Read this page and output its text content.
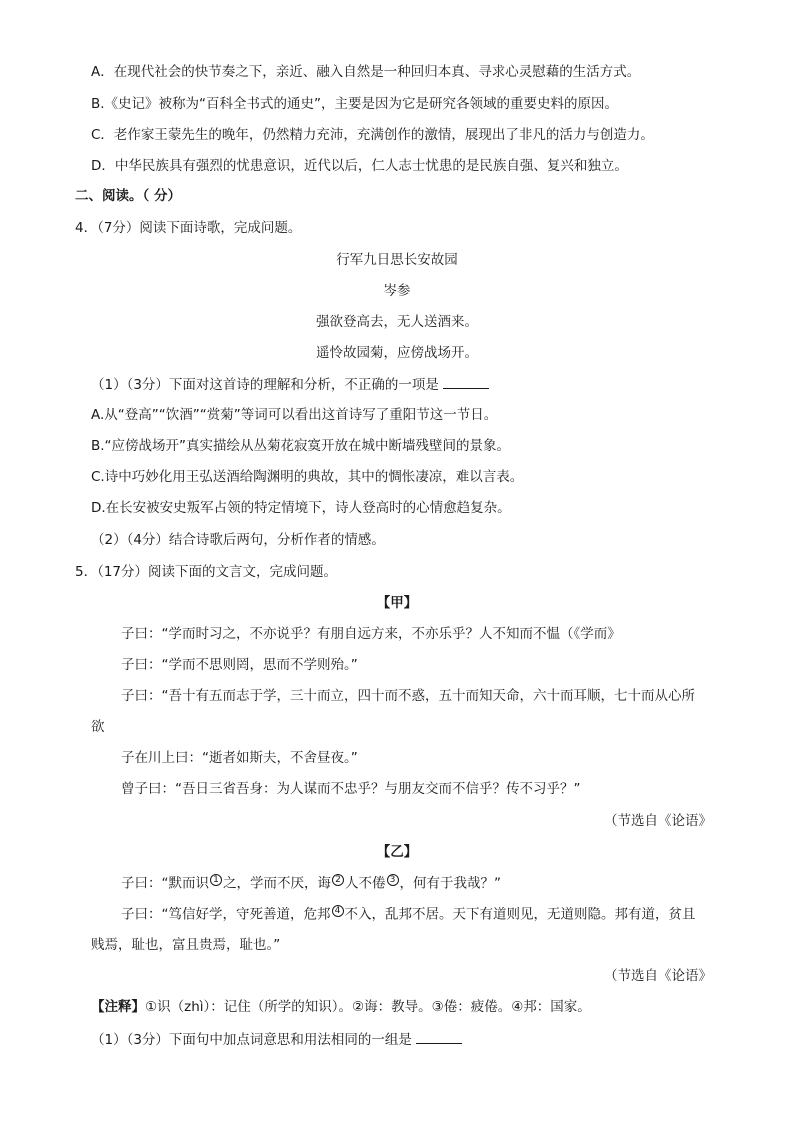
A．在现代社会的快节奏之下，亲近、融入自然是一种回归本真、寻求心灵慰藉的生活方式。
B.《史记》被称为“百科全书式的通史”，主要是因为它是研究各领域的重要史料的原因。
C．老作家王蒙先生的晚年，仍然精力充沛，充满创作的激情，展现出了非凡的活力与创造力。
D．中华民族具有强烈的忧患意识，近代以后，仁人志士忧患的是民族自强、复兴和独立。
二、阅读。（ 分）
4．（7分）阅读下面诗歌，完成问题。
行军九日思长安故园
岑参
强欲登高去，无人送酒来。
遥怜故园菊，应傍战场开。
（1）（3分）下面对这首诗的理解和分析，不正确的一项是
A.从“登高”“饮酒”“赏菊”等词可以看出这首诗写了重阳节这一节日。
B.“应傍战场开”真实描绘从丛菊花寂寞开放在城中断墙残壁间的景象。
C.诗中巧妙化用王弘送酒给陶渊明的典故，其中的惆怅凄凉，难以言表。
D.在长安被安史叛军占领的特定情境下，诗人登高时的心情愈趋复杂。
（2）（4分）结合诗歌后两句，分析作者的情感。
5．（17分）阅读下面的文言文，完成问题。
【甲】
子曰：“学而时习之，不亦说乎？有朋自远方来，不亦乐乎？人不知而不愠（《学而》
子曰：“学而不思则罔，思而不学则殆。”
子曰：“吾十有五而志于学，三十而立，四十而不惑，五十而知天命，六十而耳顺，七十而从心所
欲
子在川上曰：“逝者如斯夫，不舍昼夜。”
曾子曰：“吾日三省吾身：为人谋而不忠乎？与朋友交而不信乎？传不习乎？”
（节选自《论语》
【乙】
子曰：“默而识 1 之，学而不厌，诲 2 人不倦 3 ，何有于我哉？”
子曰：“笃信好学，守死善道，危邦 4 不入，乱邦不居。天下有道则见，无道则隐。邦有道，贫且
贱焉，耻也，富且贵焉，耻也。”
（节选自《论语》
【注释】①识（zhì）：记住（所学的知识）。②诲：教导。③倦：疲倦。④邦：国家。
（1）（3分）下面句中加点词意思和用法相同的一组是
